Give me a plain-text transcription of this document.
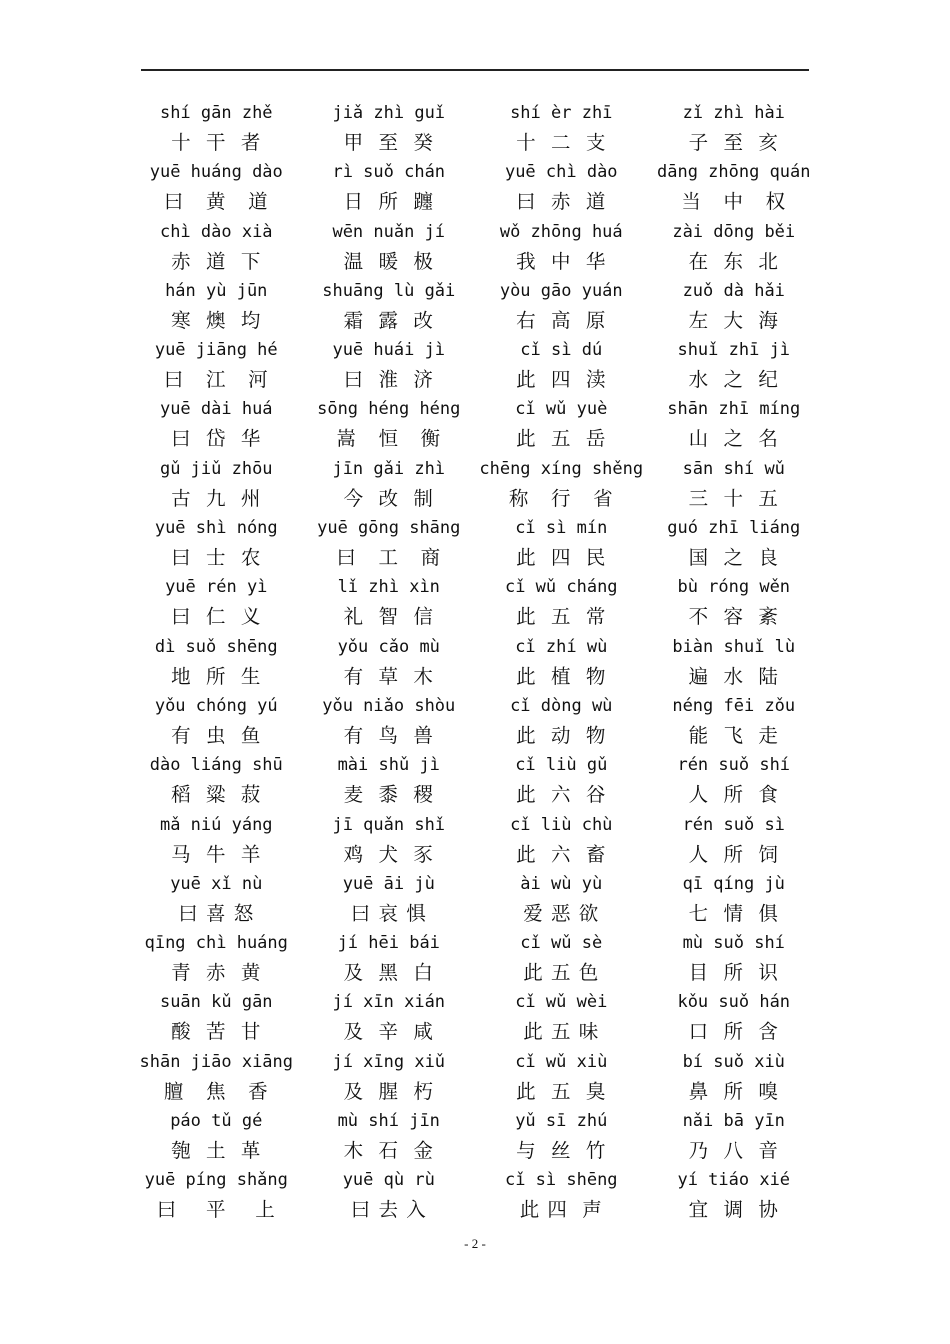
shí gān zhě
十  干  者
jiǎ zhì guǐ
甲  至  癸
shí èr zhī
十  二  支
zǐ zhì hài
子  至  亥
yuē huáng dào
曰   黄   道
rì suǒ chán
日  所  躔
yuē chì dào
曰  赤  道
dāng zhōng quán
当   中   权
chì dào xià
赤  道  下
wēn nuǎn jí
温  暖  极
wǒ zhōng huá
我  中  华
zài dōng běi
在  东  北
hán yù jūn
寒  燠  均
shuāng lù gǎi
霜  露  改
yòu gāo yuán
右  高  原
zuǒ dà hǎi
左  大  海
yuē jiāng hé
曰   江   河
yuē huái jì
曰  淮  济
cǐ sì dú
此  四  渎
shuǐ zhī jì
水  之  纪
yuē dài huá
曰  岱  华
sōng héng héng
嵩   恒   衡
cǐ wǔ yuè
此  五  岳
shān zhī míng
山  之  名
gǔ jiǔ zhōu
古  九  州
jīn gǎi zhì
今  改  制
chēng xíng shěng
称   行   省
sān shí wǔ
三  十  五
yuē shì nóng
曰  士  农
yuē gōng shāng
曰   工   商
cǐ sì mín
此  四  民
guó zhī liáng
国  之  良
yuē rén yì
曰  仁  义
lǐ zhì xìn
礼  智  信
cǐ wǔ cháng
此  五  常
bù róng wěn
不  容  紊
dì suǒ shēng
地  所  生
yǒu cǎo mù
有  草  木
cǐ zhí wù
此  植  物
biàn shuǐ lù
遍  水  陆
yǒu chóng yú
有  虫  鱼
yǒu niǎo shòu
有  鸟  兽
cǐ dòng wù
此  动  物
néng fēi zǒu
能  飞  走
dào liáng shū
稻  粱  菽
mài shǔ jì
麦  黍  稷
cǐ liù gǔ
此  六  谷
rén suǒ shí
人  所  食
mǎ niú yáng
马  牛  羊
jī quǎn shǐ
鸡  犬  豕
cǐ liù chù
此  六  畜
rén suǒ sì
人  所  饲
yuē xǐ nù
曰 喜 怒
yuē āi jù
曰 哀 惧
ài wù yù
爱 恶 欲
qī qíng jù
七  情  俱
qīng chì huáng
青  赤  黄
jí hēi bái
及  黑  白
cǐ wǔ sè
此 五 色
mù suǒ shí
目  所  识
suān kǔ gān
酸  苦  甘
jí xīn xián
及  辛  咸
cǐ wǔ wèi
此 五 味
kǒu suǒ hán
口  所  含
shān jiāo xiāng
膻   焦   香
jí xīng xiǔ
及  腥  朽
cǐ wǔ xiù
此  五  臭
bí suǒ xiù
鼻  所  嗅
páo tǔ gé
匏  土  革
mù shí jīn
木  石  金
yǔ sī zhú
与  丝  竹
nǎi bā yīn
乃  八  音
yuē píng shǎng
曰    平    上
yuē qù rù
曰 去 入
cǐ sì shēng
此 四  声
yí tiáo xié
宜  调  协
- 2 -
